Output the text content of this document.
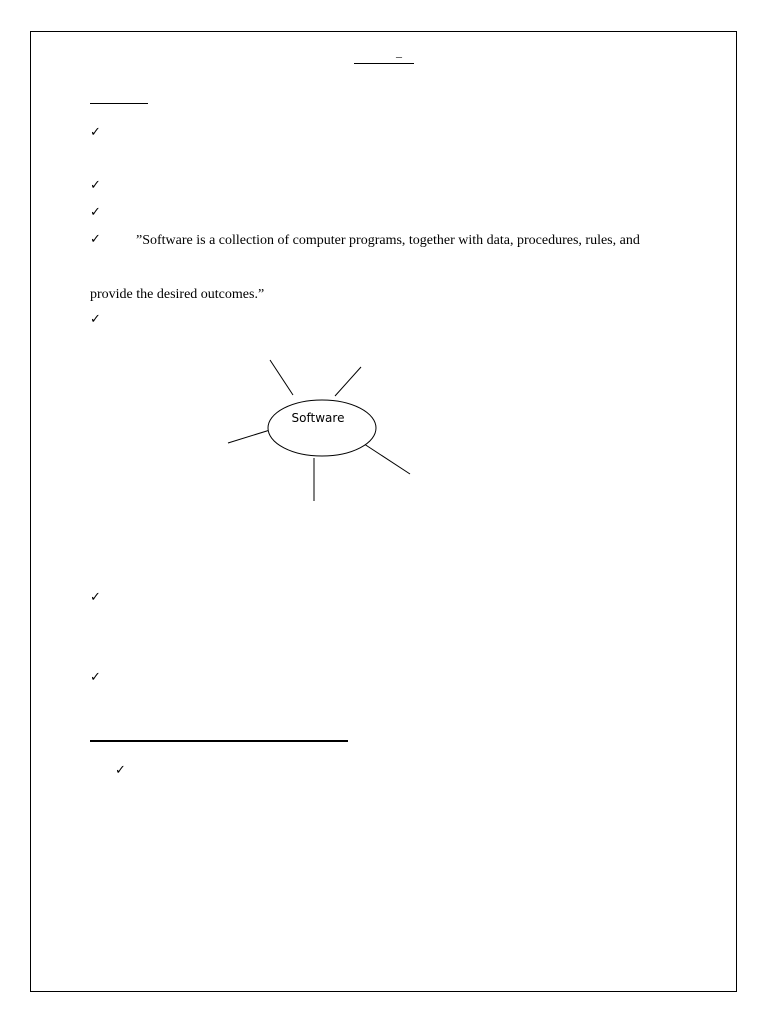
–
✓
✓
✓
✓	”Software is a collection of computer programs, together with data, procedures, rules, and
provide the desired outcomes.”
✓
Software
✓
✓
✓
